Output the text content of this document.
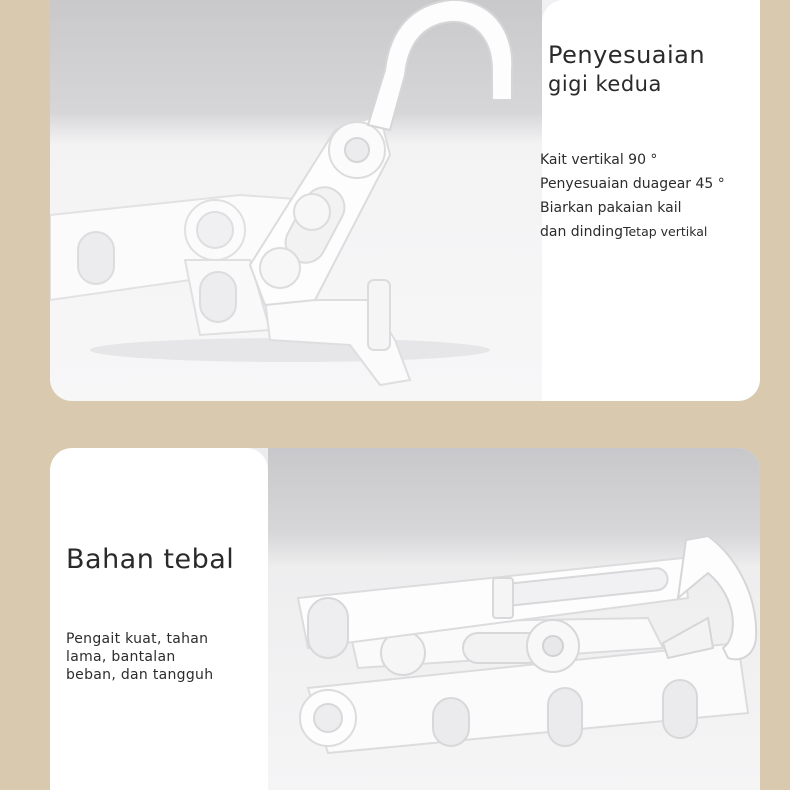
Penyesuaian
gigi kedua
Kait vertikal 90 °
Penyesuaian duagear 45 °
Biarkan pakaian kail
dan dindingTetap vertikal
Bahan tebal
Pengait kuat, tahan
lama, bantalan
beban, dan tangguh
